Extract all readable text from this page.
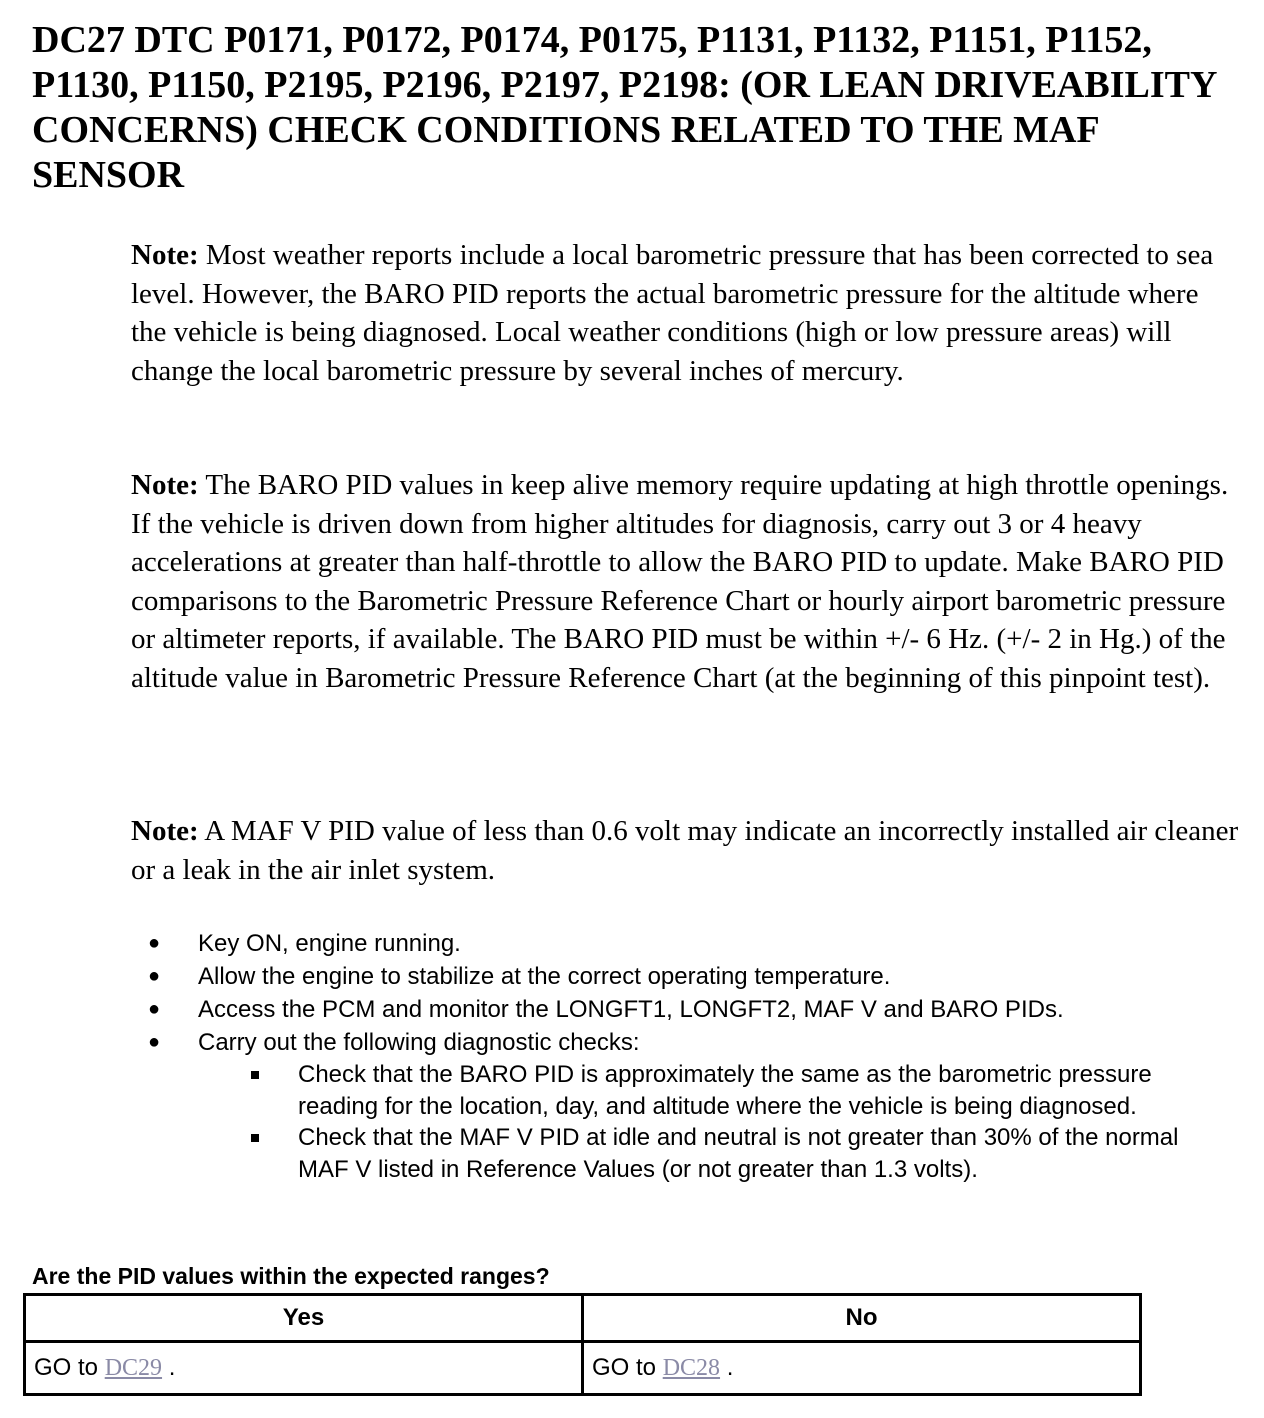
DC27 DTC P0171, P0172, P0174, P0175, P1131, P1132, P1151, P1152, P1130, P1150, P2195, P2196, P2197, P2198: (OR LEAN DRIVEABILITY CONCERNS) CHECK CONDITIONS RELATED TO THE MAF SENSOR

Note: Most weather reports include a local barometric pressure that has been corrected to sea level. However, the BARO PID reports the actual barometric pressure for the altitude where the vehicle is being diagnosed. Local weather conditions (high or low pressure areas) will change the local barometric pressure by several inches of mercury.

Note: The BARO PID values in keep alive memory require updating at high throttle openings. If the vehicle is driven down from higher altitudes for diagnosis, carry out 3 or 4 heavy accelerations at greater than half-throttle to allow the BARO PID to update. Make BARO PID comparisons to the Barometric Pressure Reference Chart or hourly airport barometric pressure or altimeter reports, if available. The BARO PID must be within +/- 6 Hz. (+/- 2 in Hg.) of the altitude value in Barometric Pressure Reference Chart (at the beginning of this pinpoint test).

Note: A MAF V PID value of less than 0.6 volt may indicate an incorrectly installed air cleaner or a leak in the air inlet system.

● Key ON, engine running.

● Allow the engine to stabilize at the correct operating temperature.

● Access the PCM and monitor the LONGFT1, LONGFT2, MAF V and BARO PIDs.

● Carry out the following diagnostic checks:

Check that the BARO PID is approximately the same as the barometric pressure reading for the location, day, and altitude where the vehicle is being diagnosed.

Check that the MAF V PID at idle and neutral is not greater than 30% of the normal MAF V listed in Reference Values (or not greater than 1.3 volts).

Are the PID values within the expected ranges?

Yes	No
GO to DC29 .	GO to DC28 .
